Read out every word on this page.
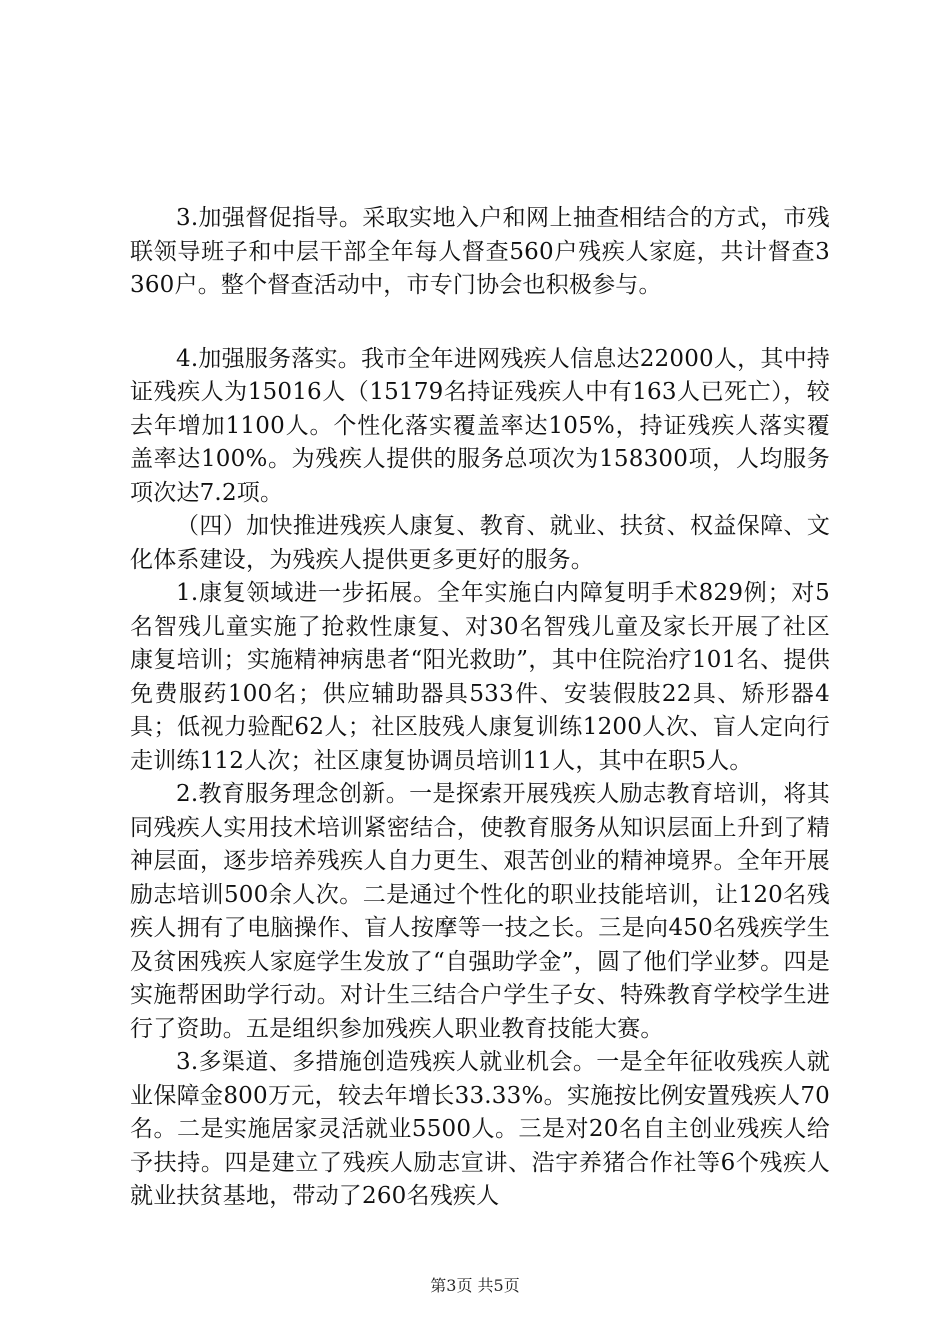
3.加强督促指导。采取实地入户和网上抽查相结合的方式，市残联领导班子和中层干部全年每人督查560户残疾人家庭，共计督查3360户。整个督查活动中，市专门协会也积极参与。

4.加强服务落实。我市全年进网残疾人信息达22000人，其中持证残疾人为15016人（15179名持证残疾人中有163人已死亡），较去年增加1100人。个性化落实覆盖率达105%，持证残疾人落实覆盖率达100%。为残疾人提供的服务总项次为158300项，人均服务项次达7.2项。

（四）加快推进残疾人康复、教育、就业、扶贫、权益保障、文化体系建设，为残疾人提供更多更好的服务。

1.康复领域进一步拓展。全年实施白内障复明手术829例；对5名智残儿童实施了抢救性康复、对30名智残儿童及家长开展了社区康复培训；实施精神病患者“阳光救助”，其中住院治疗101名、提供免费服药100名；供应辅助器具533件、安装假肢22具、矫形器4具；低视力验配62人；社区肢残人康复训练1200人次、盲人定向行走训练112人次；社区康复协调员培训11人，其中在职5人。

2.教育服务理念创新。一是探索开展残疾人励志教育培训，将其同残疾人实用技术培训紧密结合，使教育服务从知识层面上升到了精神层面，逐步培养残疾人自力更生、艰苦创业的精神境界。全年开展励志培训500余人次。二是通过个性化的职业技能培训，让120名残疾人拥有了电脑操作、盲人按摩等一技之长。三是向450名残疾学生及贫困残疾人家庭学生发放了“自强助学金”，圆了他们学业梦。四是实施帮困助学行动。对计生三结合户学生子女、特殊教育学校学生进行了资助。五是组织参加残疾人职业教育技能大赛。

3.多渠道、多措施创造残疾人就业机会。一是全年征收残疾人就业保障金800万元，较去年增长33.33%。实施按比例安置残疾人70名。二是实施居家灵活就业5500人。三是对20名自主创业残疾人给予扶持。四是建立了残疾人励志宣讲、浩宇养猪合作社等6个残疾人就业扶贫基地，带动了260名残疾人

第3页 共5页
